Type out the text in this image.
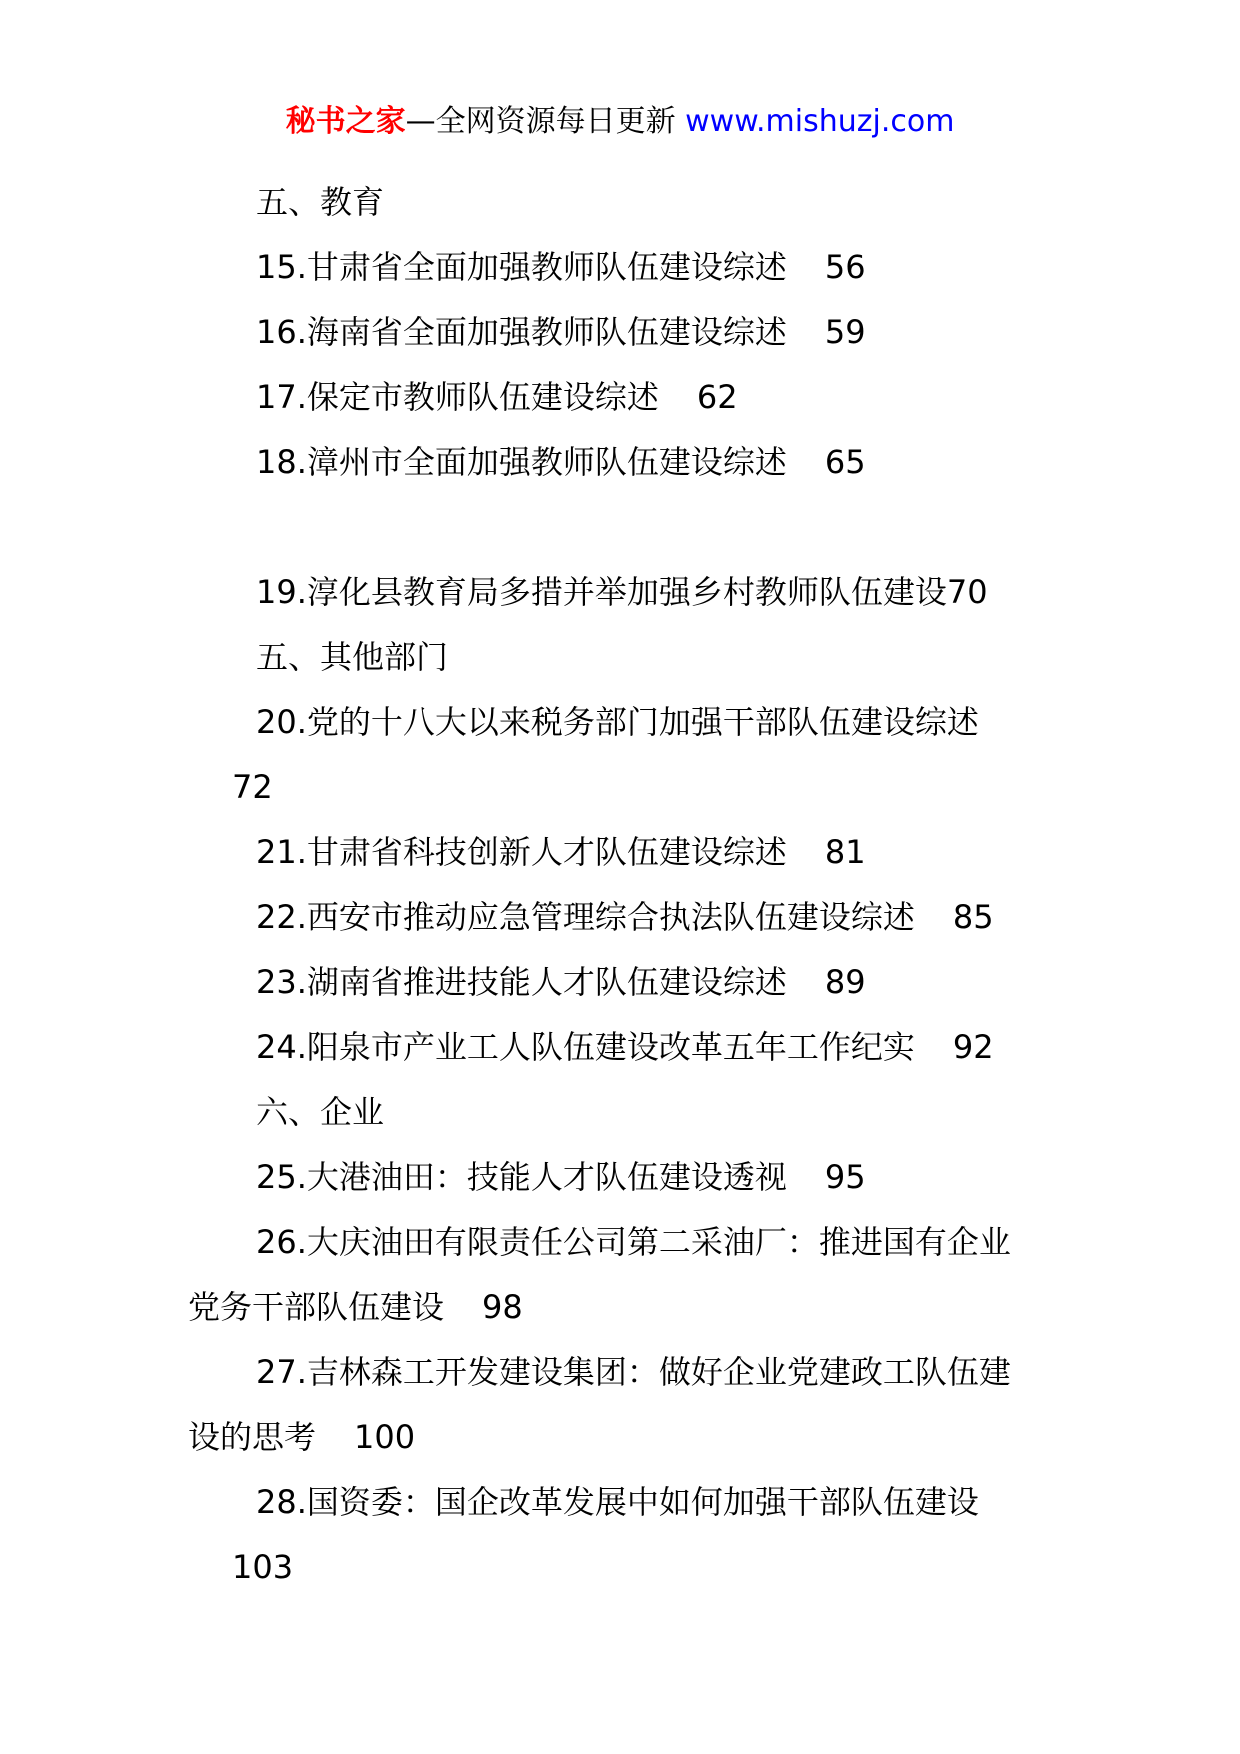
秘书之家—全网资源每日更新 www.mishuzj.com
五、教育
15.甘肃省全面加强教师队伍建设综述 56
16.海南省全面加强教师队伍建设综述 59
17.保定市教师队伍建设综述 62
18.漳州市全面加强教师队伍建设综述 65
19.淳化县教育局多措并举加强乡村教师队伍建设70
五、其他部门
20.党的十八大以来税务部门加强干部队伍建设综述
72
21.甘肃省科技创新人才队伍建设综述 81
22.西安市推动应急管理综合执法队伍建设综述 85
23.湖南省推进技能人才队伍建设综述 89
24.阳泉市产业工人队伍建设改革五年工作纪实 92
六、企业
25.大港油田：技能人才队伍建设透视 95
26.大庆油田有限责任公司第二采油厂：推进国有企业
党务干部队伍建设 98
27.吉林森工开发建设集团：做好企业党建政工队伍建
设的思考 100
28.国资委：国企改革发展中如何加强干部队伍建设
103
